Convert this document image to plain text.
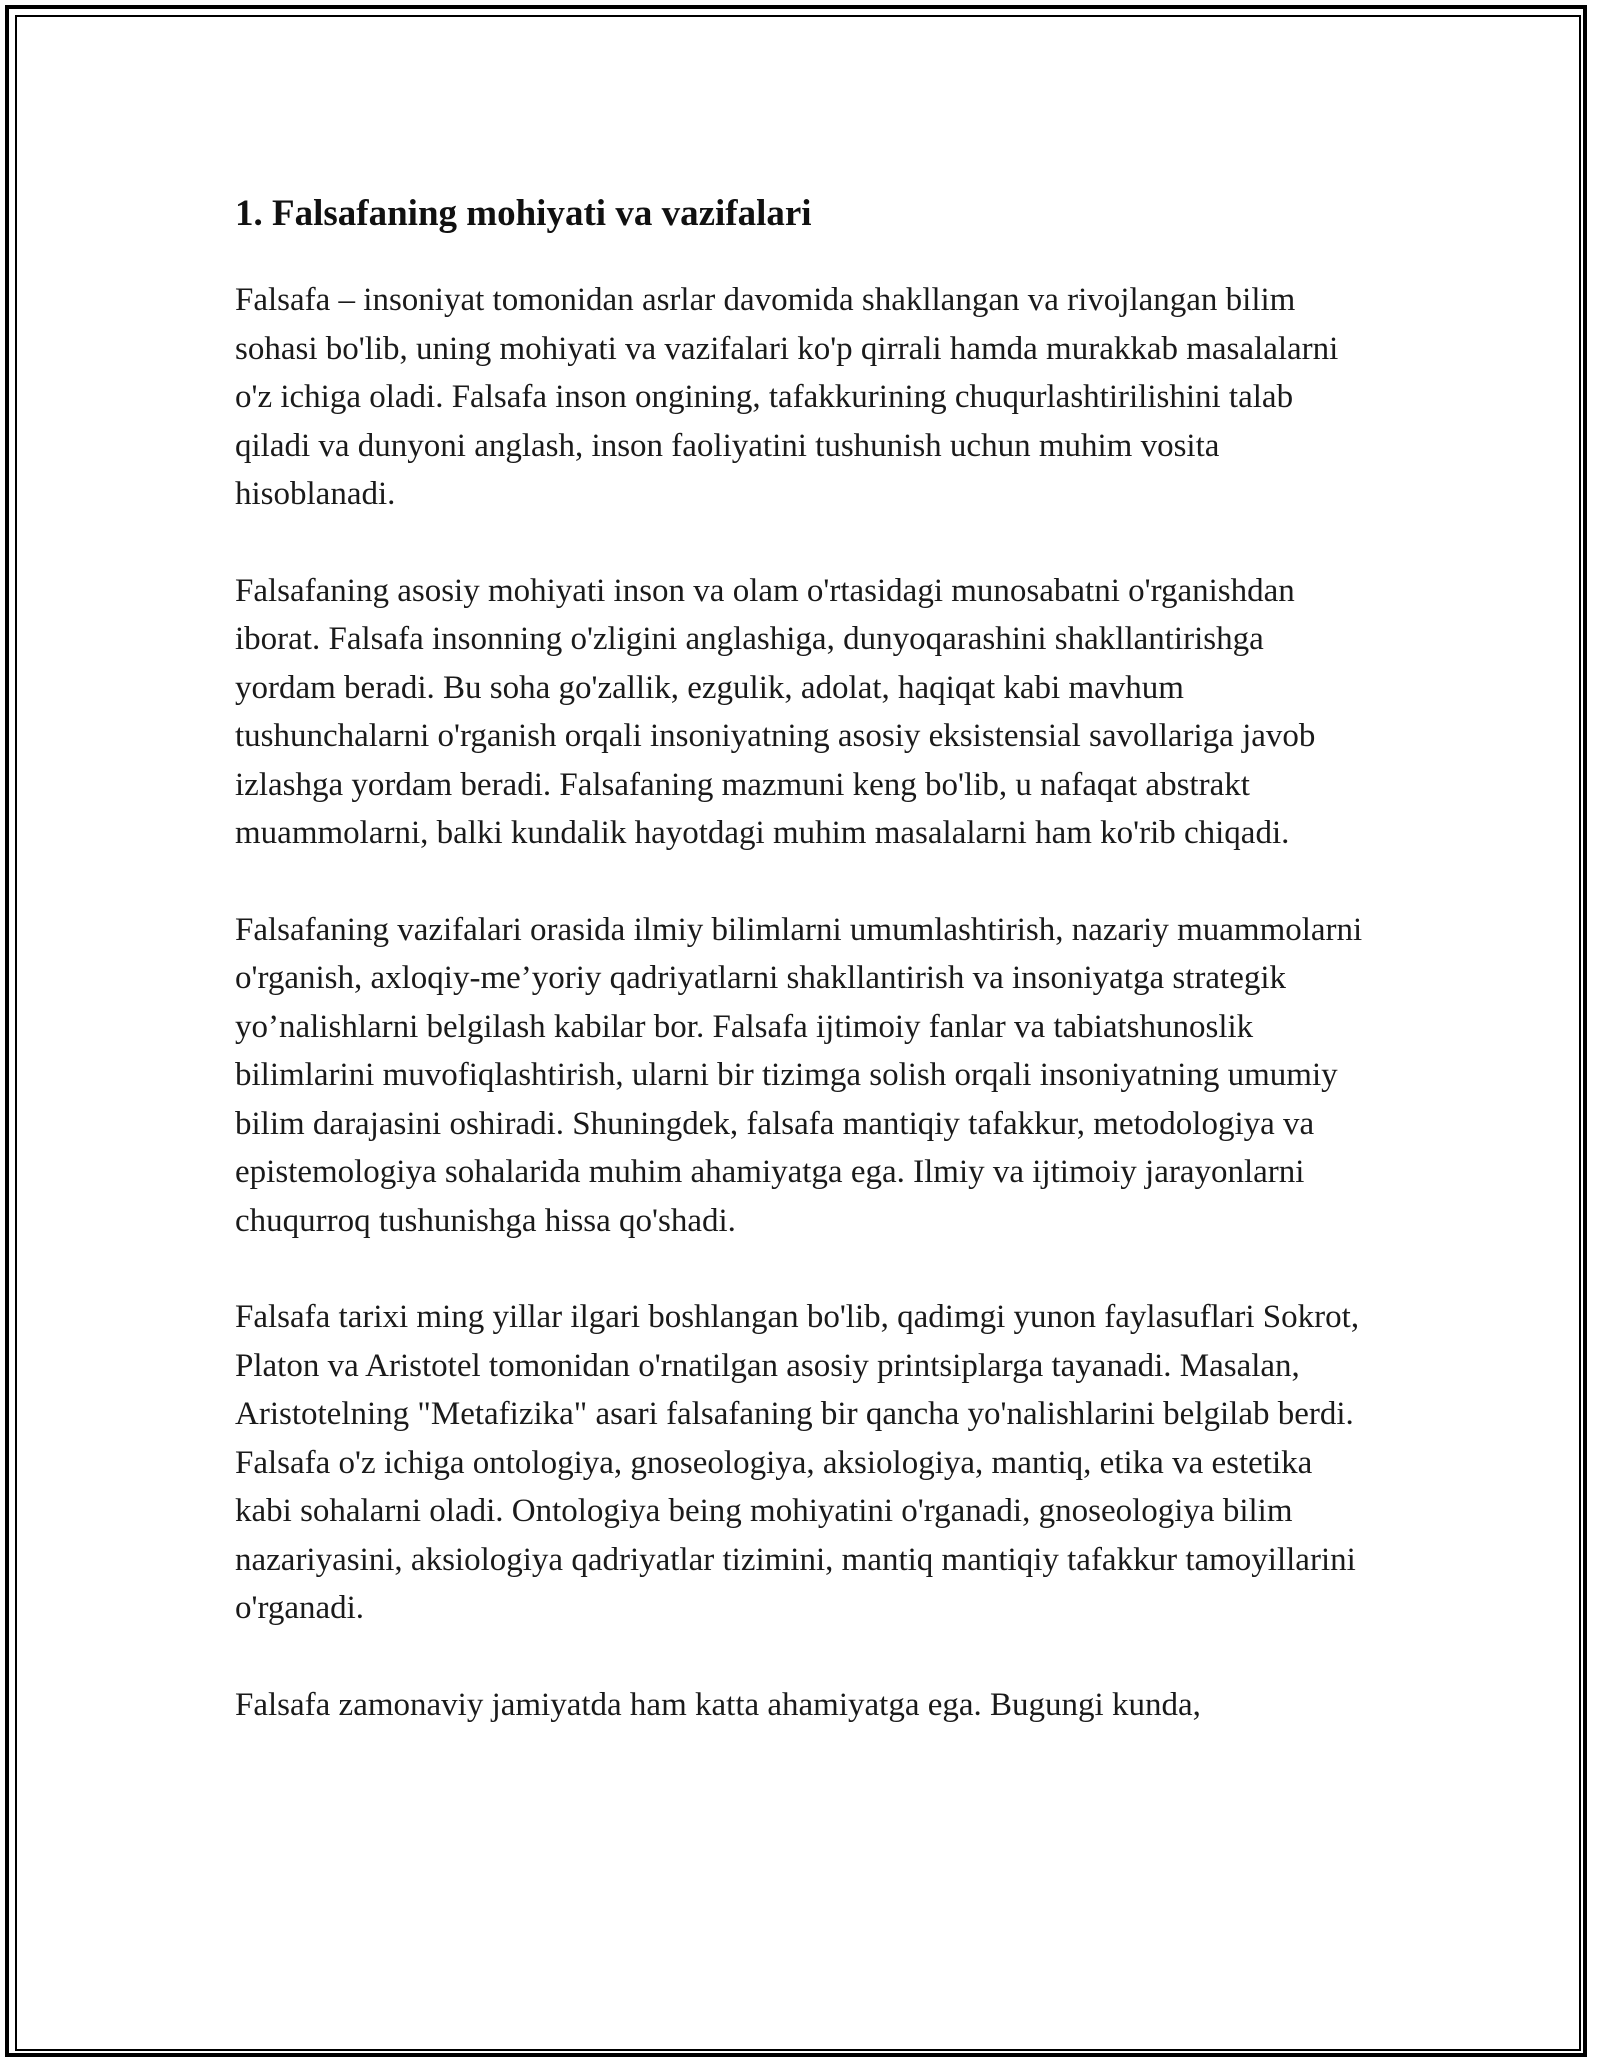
1. Falsafaning mohiyati va vazifalari

Falsafa – insoniyat tomonidan asrlar davomida shakllangan va rivojlangan bilim sohasi bo'lib, uning mohiyati va vazifalari ko'p qirrali hamda murakkab masalalarni o'z ichiga oladi. Falsafa inson ongining, tafakkurining chuqurlashtirilishini talab qiladi va dunyoni anglash, inson faoliyatini tushunish uchun muhim vosita hisoblanadi.

Falsafaning asosiy mohiyati inson va olam o'rtasidagi munosabatni o'rganishdan iborat. Falsafa insonning o'zligini anglashiga, dunyoqarashini shakllantirishga yordam beradi. Bu soha go'zallik, ezgulik, adolat, haqiqat kabi mavhum tushunchalarni o'rganish orqali insoniyatning asosiy eksistensial savollariga javob izlashga yordam beradi. Falsafaning mazmuni keng bo'lib, u nafaqat abstrakt muammolarni, balki kundalik hayotdagi muhim masalalarni ham ko'rib chiqadi.

Falsafaning vazifalari orasida ilmiy bilimlarni umumlashtirish, nazariy muammolarni o'rganish, axloqiy-me’yoriy qadriyatlarni shakllantirish va insoniyatga strategik yo’nalishlarni belgilash kabilar bor. Falsafa ijtimoiy fanlar va tabiatshunoslik bilimlarini muvofiqlashtirish, ularni bir tizimga solish orqali insoniyatning umumiy bilim darajasini oshiradi. Shuningdek, falsafa mantiqiy tafakkur, metodologiya va epistemologiya sohalarida muhim ahamiyatga ega. Ilmiy va ijtimoiy jarayonlarni chuqurroq tushunishga hissa qo'shadi.

Falsafa tarixi ming yillar ilgari boshlangan bo'lib, qadimgi yunon faylasuflari Sokrot, Platon va Aristotel tomonidan o'rnatilgan asosiy printsiplarga tayanadi. Masalan, Aristotelning "Metafizika" asari falsafaning bir qancha yo'nalishlarini belgilab berdi. Falsafa o'z ichiga ontologiya, gnoseologiya, aksiologiya, mantiq, etika va estetika kabi sohalarni oladi. Ontologiya being mohiyatini o'rganadi, gnoseologiya bilim nazariyasini, aksiologiya qadriyatlar tizimini, mantiq mantiqiy tafakkur tamoyillarini o'rganadi.

Falsafa zamonaviy jamiyatda ham katta ahamiyatga ega. Bugungi kunda,
